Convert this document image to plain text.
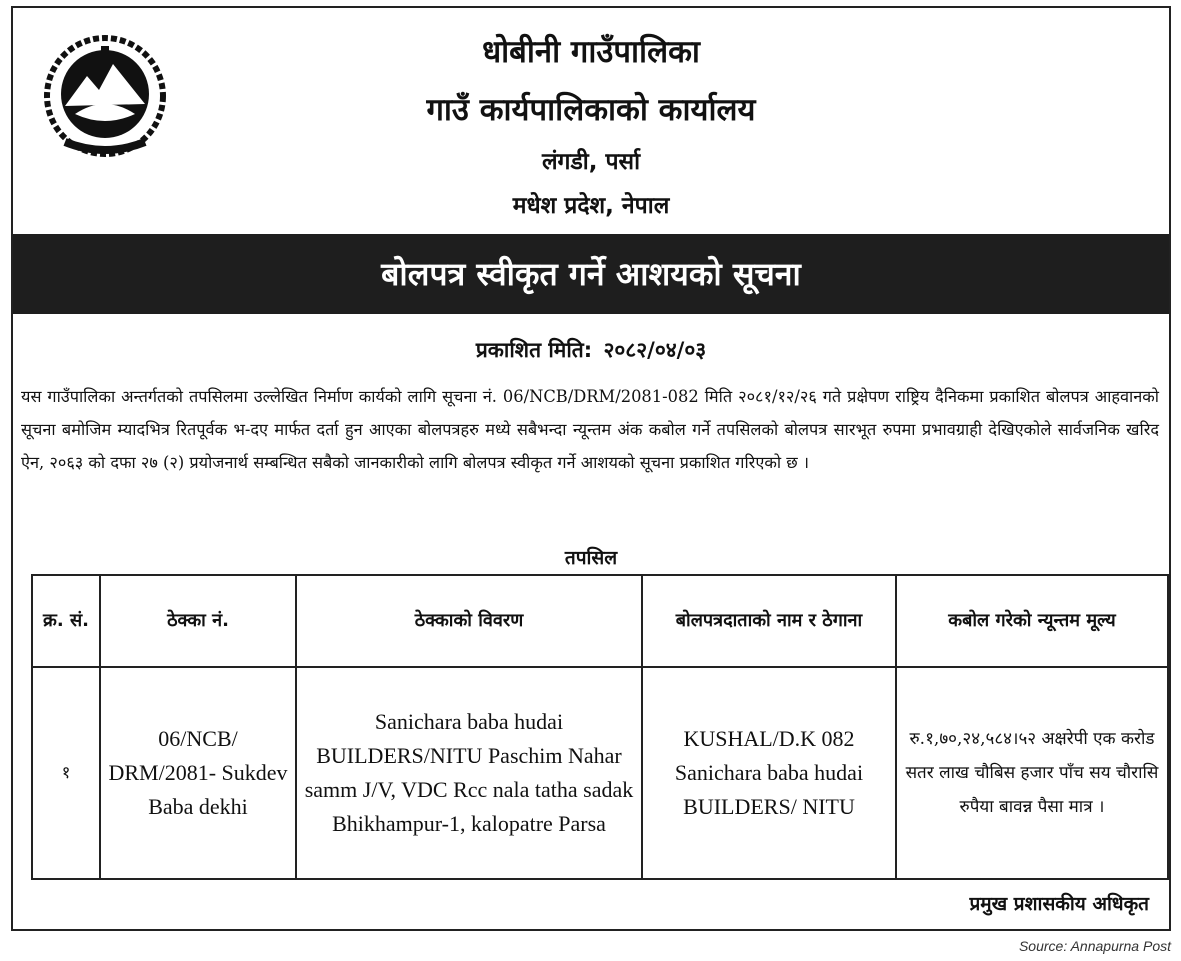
धोबीनी गाउँपालिका
गाउँ कार्यपालिकाको कार्यालय
लंगडी, पर्सा
मधेश प्रदेश, नेपाल
बोलपत्र स्वीकृत गर्ने आशयको सूचना
प्रकाशित मिति: २०८२/०४/०३
यस गाउँपालिका अन्तर्गतको तपसिलमा उल्लेखित निर्माण कार्यको लागि सूचना नं. 06/NCB/DRM/2081-082 मिति २०८१/१२/२६ गते प्रक्षेपण राष्ट्रिय दैनिकमा प्रकाशित बोलपत्र आहवानको सूचना बमोजिम म्यादभित्र रितपूर्वक भ-दए मार्फत दर्ता हुन आएका बोलपत्रहरु मध्ये सबैभन्दा न्यून्तम अंक कबोल गर्ने तपसिलको बोलपत्र सारभूत रुपमा प्रभावग्राही देखिएकोले सार्वजनिक खरिद ऐन, २०६३ को दफा २७ (२) प्रयोजनार्थ सम्बन्धित सबैको जानकारीको लागि बोलपत्र स्वीकृत गर्ने आशयको सूचना प्रकाशित गरिएको छ ।
तपसिल
क्र. सं.	ठेक्का नं.	ठेक्काको विवरण	बोलपत्रदाताको नाम र ठेगाना	कबोल गरेको न्यून्तम मूल्य
१	06/NCB/ DRM/2081- Sukdev Baba dekhi	Sanichara baba hudai BUILDERS/NITU Paschim Nahar samm J/V, VDC Rcc nala tatha sadak Bhikhampur-1, kalopatre Parsa	KUSHAL/D.K 082 Sanichara baba hudai BUILDERS/ NITU	रु.१,७०,२४,५८४।५२ अक्षरेपी एक करोड सतर लाख चौबिस हजार पाँच सय चौरासि रुपैया बावन्न पैसा मात्र ।
प्रमुख प्रशासकीय अधिकृत
Source: Annapurna Post
